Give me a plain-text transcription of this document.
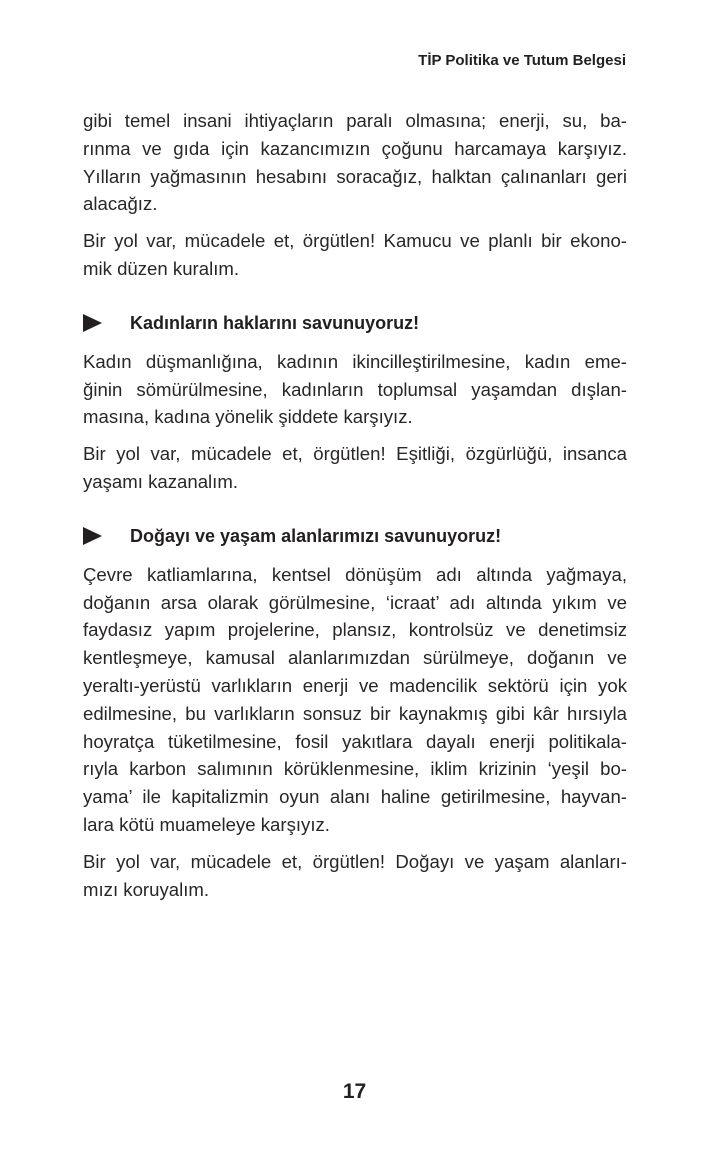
TİP Politika ve Tutum Belgesi

gibi temel insani ihtiyaçların paralı olmasına; enerji, su, ba-
rınma ve gıda için kazancımızın çoğunu harcamaya karşıyız.
Yılların yağmasının hesabını soracağız, halktan çalınanları geri
alacağız.

Bir yol var, mücadele et, örgütlen! Kamucu ve planlı bir ekono-
mik düzen kuralım.

Kadınların haklarını savunuyoruz!

Kadın düşmanlığına, kadının ikincilleştirilmesine, kadın eme-
ğinin sömürülmesine, kadınların toplumsal yaşamdan dışlan-
masına, kadına yönelik şiddete karşıyız.

Bir yol var, mücadele et, örgütlen! Eşitliği, özgürlüğü, insanca
yaşamı kazanalım.

Doğayı ve yaşam alanlarımızı savunuyoruz!

Çevre katliamlarına, kentsel dönüşüm adı altında yağmaya,
doğanın arsa olarak görülmesine, ‘icraat’ adı altında yıkım ve
faydasız yapım projelerine, plansız, kontrolsüz ve denetimsiz
kentleşmeye, kamusal alanlarımızdan sürülmeye, doğanın ve
yeraltı-yerüstü varlıkların enerji ve madencilik sektörü için yok
edilmesine, bu varlıkların sonsuz bir kaynakmış gibi kâr hırsıyla
hoyratça tüketilmesine, fosil yakıtlara dayalı enerji politikala-
rıyla karbon salımının körüklenmesine, iklim krizinin ‘yeşil bo-
yama’ ile kapitalizmin oyun alanı haline getirilmesine, hayvan-
lara kötü muameleye karşıyız.

Bir yol var, mücadele et, örgütlen! Doğayı ve yaşam alanları-
mızı koruyalım.

17
